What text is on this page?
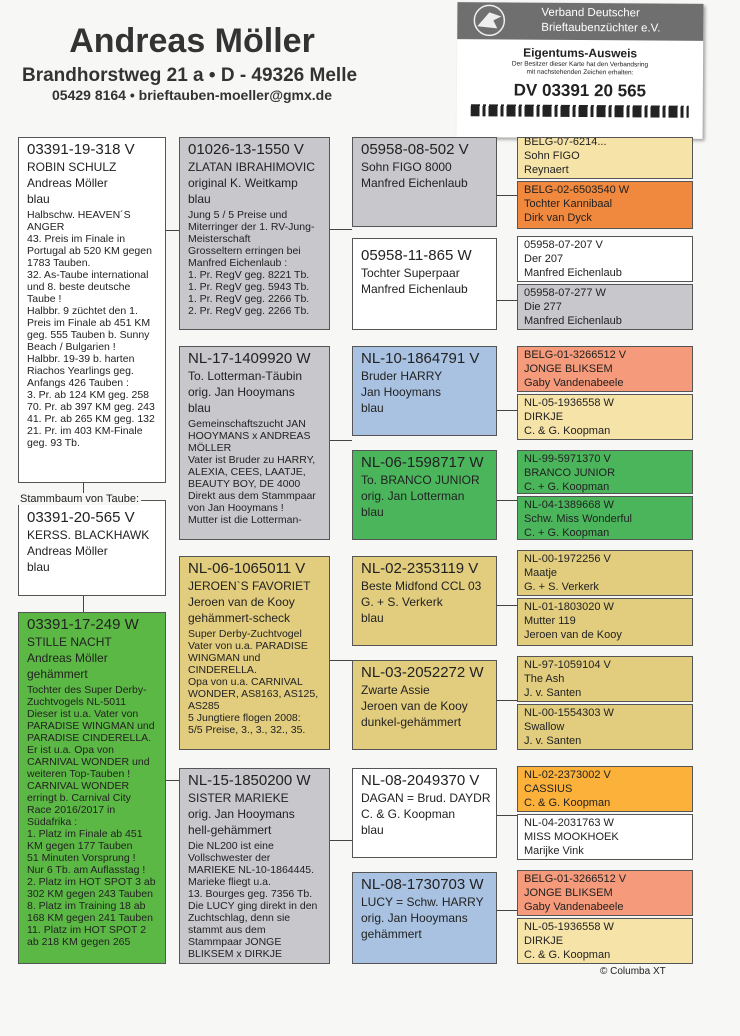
Andreas Möller
Brandhorstweg 21 a • D - 49326 Melle
05429 8164 • brieftauben-moeller@gmx.de
Verband Deutscher
Brieftaubenzüchter e.V.
Eigentums-Ausweis
Der Besitzer dieser Karte hat den Verbandsring
mit nachstehenden Zeichen erhalten:
DV 03391 20 565
03391-19-318 V
ROBIN SCHULZ
Andreas Möller
blau
Halbschw. HEAVEN´S
ANGER
43. Preis im Finale in
Portugal ab 520 KM gegen
1783 Tauben.
32. As-Taube international
und 8. beste deutsche
Taube !
Halbbr. 9 züchtet den 1.
Preis im Finale ab 451 KM
geg. 555 Tauben b. Sunny
Beach / Bulgarien !
Halbbr. 19-39 b. harten
Riachos Yearlings geg.
Anfangs 426 Tauben :
3. Pr. ab 124 KM geg. 258
70. Pr. ab 397 KM geg. 243
41. Pr. ab 265 KM geg. 132
21. Pr. im 403 KM-Finale
geg. 93 Tb.
Stammbaum von Taube:
03391-20-565 V
KERSS. BLACKHAWK
Andreas Möller
blau
03391-17-249 W
STILLE NACHT
Andreas Möller
gehämmert
Tochter des Super Derby-
Zuchtvogels NL-5011
Dieser ist u.a. Vater von
PARADISE WINGMAN und
PARADISE CINDERELLA.
Er ist u.a. Opa von
CARNIVAL WONDER und
weiteren Top-Tauben !
CARNIVAL WONDER
erringt b. Carnival City
Race 2016/2017 in
Südafrika :
1. Platz im Finale ab 451
KM gegen 177 Tauben
51 Minuten Vorsprung !
Nur 6 Tb. am Auflasstag !
2. Platz im HOT SPOT 3 ab
302 KM gegen 243 Tauben
8. Platz im Training 18 ab
168 KM gegen 241 Tauben
11. Platz im HOT SPOT 2
ab 218 KM gegen 265
01026-13-1550 V
ZLATAN IBRAHIMOVIC
original K. Weitkamp
blau
Jung 5 / 5 Preise und
Miterringer der 1. RV-Jung-
Meisterschaft
Grosseltern erringen bei
Manfred Eichenlaub :
1. Pr. RegV geg. 8221 Tb.
1. Pr. RegV geg. 5943 Tb.
1. Pr. RegV geg. 2266 Tb.
2. Pr. RegV geg. 2266 Tb.
NL-17-1409920 W
To. Lotterman-Täubin
orig. Jan Hooymans
blau
Gemeinschaftszucht JAN
HOOYMANS x ANDREAS
MÖLLER
Vater ist Bruder zu HARRY,
ALEXIA, CEES, LAATJE,
BEAUTY BOY, DE 4000
Direkt aus dem Stammpaar
von Jan Hooymans !
Mutter ist die Lotterman-
NL-06-1065011 V
JEROEN`S FAVORIET
Jeroen van de Kooy
gehämmert-scheck
Super Derby-Zuchtvogel
Vater von u.a. PARADISE
WINGMAN und
CINDERELLA.
Opa von u.a. CARNIVAL
WONDER, AS8163, AS125,
AS285
5 Jungtiere flogen 2008:
5/5 Preise, 3., 3., 32., 35.
NL-15-1850200 W
SISTER MARIEKE
orig. Jan Hooymans
hell-gehämmert
Die NL200 ist eine
Vollschwester der
MARIEKE NL-10-1864445.
Marieke fliegt u.a.
13. Bourges geg. 7356 Tb.
Die LUCY ging direkt in den
Zuchtschlag, denn sie
stammt aus dem
Stammpaar JONGE
BLIKSEM x DIRKJE
05958-08-502 V
Sohn FIGO 8000
Manfred Eichenlaub
05958-11-865 W
Tochter Superpaar
Manfred Eichenlaub
NL-10-1864791 V
Bruder HARRY
Jan Hooymans
blau
NL-06-1598717 W
To. BRANCO JUNIOR
orig. Jan Lotterman
blau
NL-02-2353119 V
Beste Midfond CCL 03
G. + S. Verkerk
blau
NL-03-2052272 W
Zwarte Assie
Jeroen van de Kooy
dunkel-gehämmert
NL-08-2049370 V
DAGAN = Brud. DAYDR
C. & G. Koopman
blau
NL-08-1730703 W
LUCY = Schw. HARRY
orig. Jan Hooymans
gehämmert
BELG-07-6214...
Sohn FIGO
Reynaert
BELG-02-6503540 W
Tochter Kannibaal
Dirk van Dyck
05958-07-207 V
Der 207
Manfred Eichenlaub
05958-07-277 W
Die 277
Manfred Eichenlaub
BELG-01-3266512 V
JONGE BLIKSEM
Gaby Vandenabeele
NL-05-1936558 W
DIRKJE
C. & G. Koopman
NL-99-5971370 V
BRANCO JUNIOR
C. + G. Koopman
NL-04-1389668 W
Schw. Miss Wonderful
C. + G. Koopman
NL-00-1972256 V
Maatje
G. + S. Verkerk
NL-01-1803020 W
Mutter 119
Jeroen van de Kooy
NL-97-1059104 V
The Ash
J. v. Santen
NL-00-1554303 W
Swallow
J. v. Santen
NL-02-2373002 V
CASSIUS
C. & G. Koopman
NL-04-2031763 W
MISS MOOKHOEK
Marijke Vink
BELG-01-3266512 V
JONGE BLIKSEM
Gaby Vandenabeele
NL-05-1936558 W
DIRKJE
C. & G. Koopman
© Columba XT
